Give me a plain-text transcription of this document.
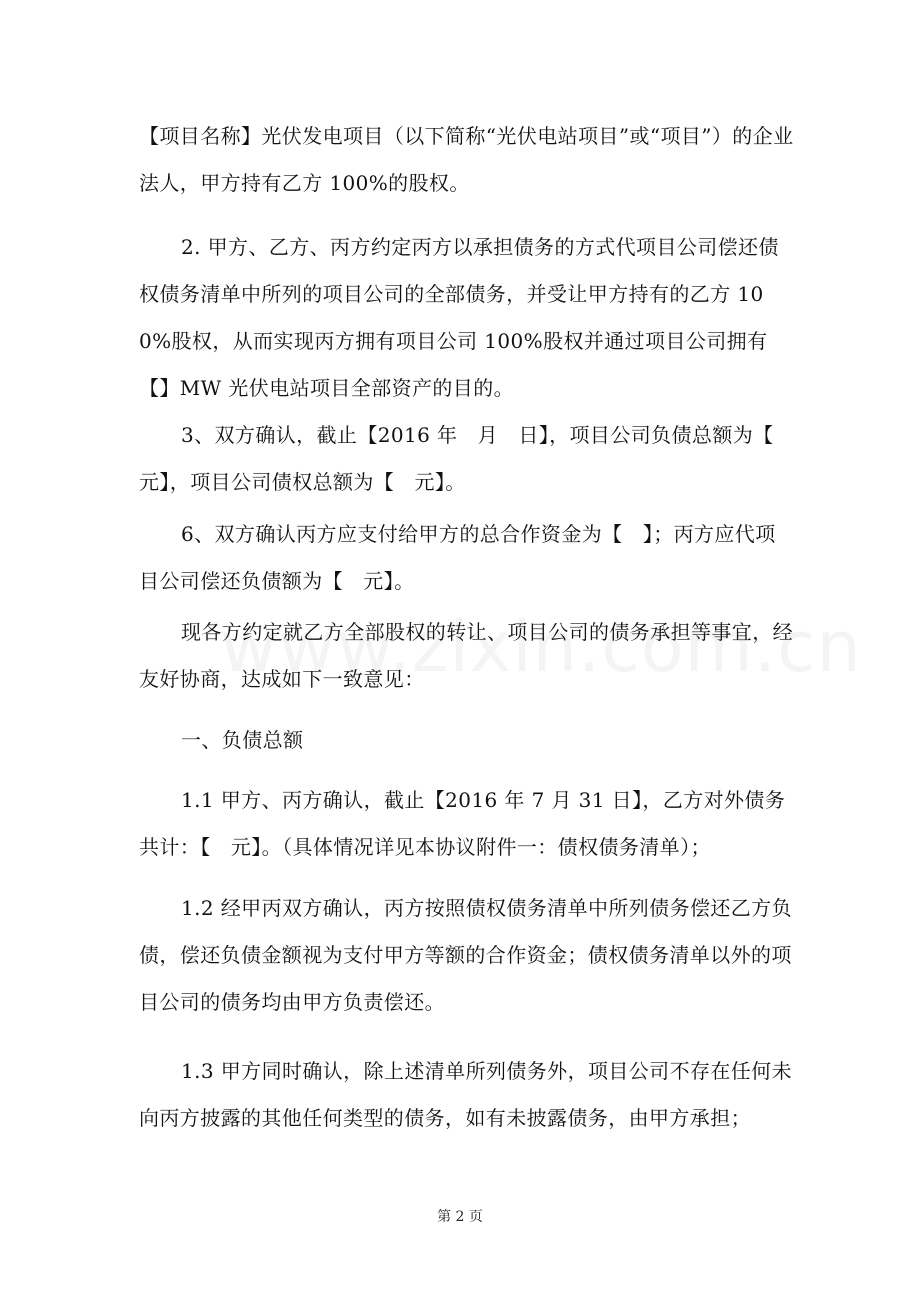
【项目名称】光伏发电项目（以下简称“光伏电站项目”或“项目”）的企业法人，甲方持有乙方 100%的股权。
2. 甲方、乙方、丙方约定丙方以承担债务的方式代项目公司偿还债权债务清单中所列的项目公司的全部债务，并受让甲方持有的乙方 100%股权，从而实现丙方拥有项目公司 100%股权并通过项目公司拥有【】MW 光伏电站项目全部资产的目的。
3、双方确认，截止【2016 年   月   日】，项目公司负债总额为【   元】，项目公司债权总额为【   元】。
6、双方确认丙方应支付给甲方的总合作资金为【   】；丙方应代项目公司偿还负债额为【   元】。
现各方约定就乙方全部股权的转让、项目公司的债务承担等事宜，经友好协商，达成如下一致意见：
一、负债总额
1.1 甲方、丙方确认，截止【2016 年 7 月 31 日】，乙方对外债务共计：【   元】。（具体情况详见本协议附件一：债权债务清单）；
1.2 经甲丙双方确认，丙方按照债权债务清单中所列债务偿还乙方负债，偿还负债金额视为支付甲方等额的合作资金；债权债务清单以外的项目公司的债务均由甲方负责偿还。
1.3 甲方同时确认，除上述清单所列债务外，项目公司不存在任何未向丙方披露的其他任何类型的债务，如有未披露债务，由甲方承担；
第 2 页
